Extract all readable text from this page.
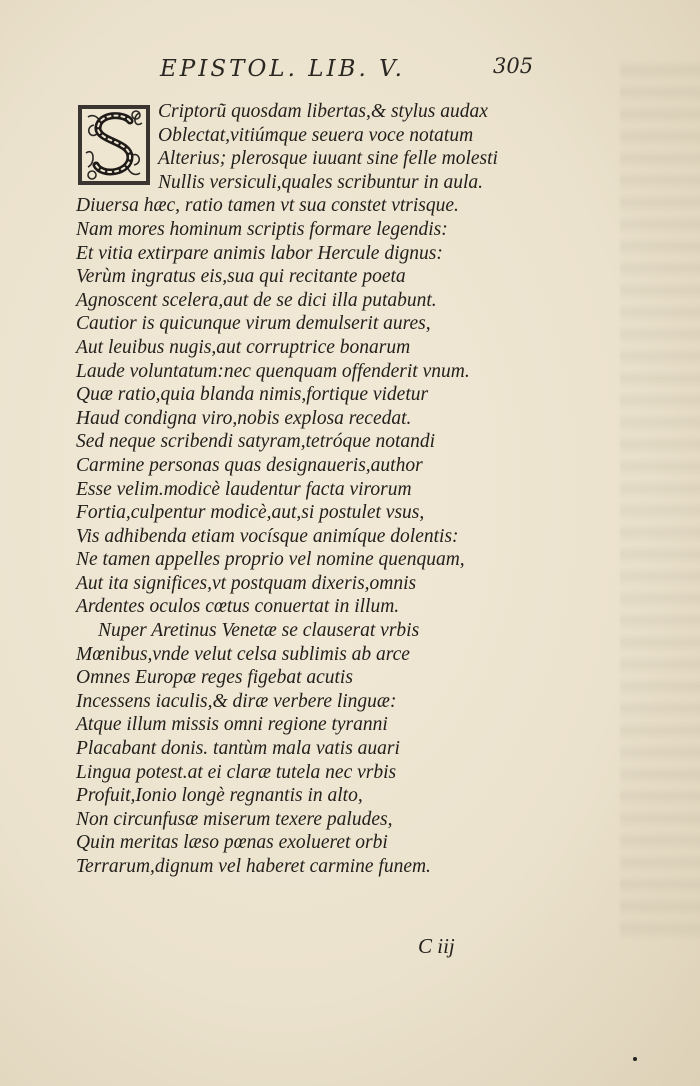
EPISTOL. LIB. V.	305
Criptorũ quosdam libertas,& stylus audax
Oblectat,vitiúmque seuera voce notatum
Alterius; plerosque iuuant sine felle molesti
Nullis versiculi,quales scribuntur in aula.
Diuersa hæc, ratio tamen vt sua constet vtrisque.
Nam mores hominum scriptis formare legendis:
Et vitia extirpare animis labor Hercule dignus:
Verùm ingratus eis,sua qui recitante poeta
Agnoscent scelera,aut de se dici illa putabunt.
Cautior is quicunque virum demulserit aures,
Aut leuibus nugis,aut corruptrice bonarum
Laude voluntatum:nec quenquam offenderit vnum.
Quæ ratio,quia blanda nimis,fortique videtur
Haud condigna viro,nobis explosa recedat.
Sed neque scribendi satyram,tetróque notandi
Carmine personas quas designaueris,author
Esse velim.modicè laudentur facta virorum
Fortia,culpentur modicè,aut,si postulet vsus,
Vis adhibenda etiam vocísque animíque dolentis:
Ne tamen appelles proprio vel nomine quenquam,
Aut ita significes,vt postquam dixeris,omnis
Ardentes oculos cœtus conuertat in illum.
Nuper Aretinus Venetæ se clauserat vrbis
Mœnibus,vnde velut celsa sublimis ab arce
Omnes Europæ reges figebat acutis
Incessens iaculis,& diræ verbere linguæ:
Atque illum missis omni regione tyranni
Placabant donis. tantùm mala vatis auari
Lingua potest.at ei claræ tutela nec vrbis
Profuit,Ionio longè regnantis in alto,
Non circunfusæ miserum texere paludes,
Quin meritas læso pœnas exolueret orbi
Terrarum,dignum vel haberet carmine funem.
C iij
